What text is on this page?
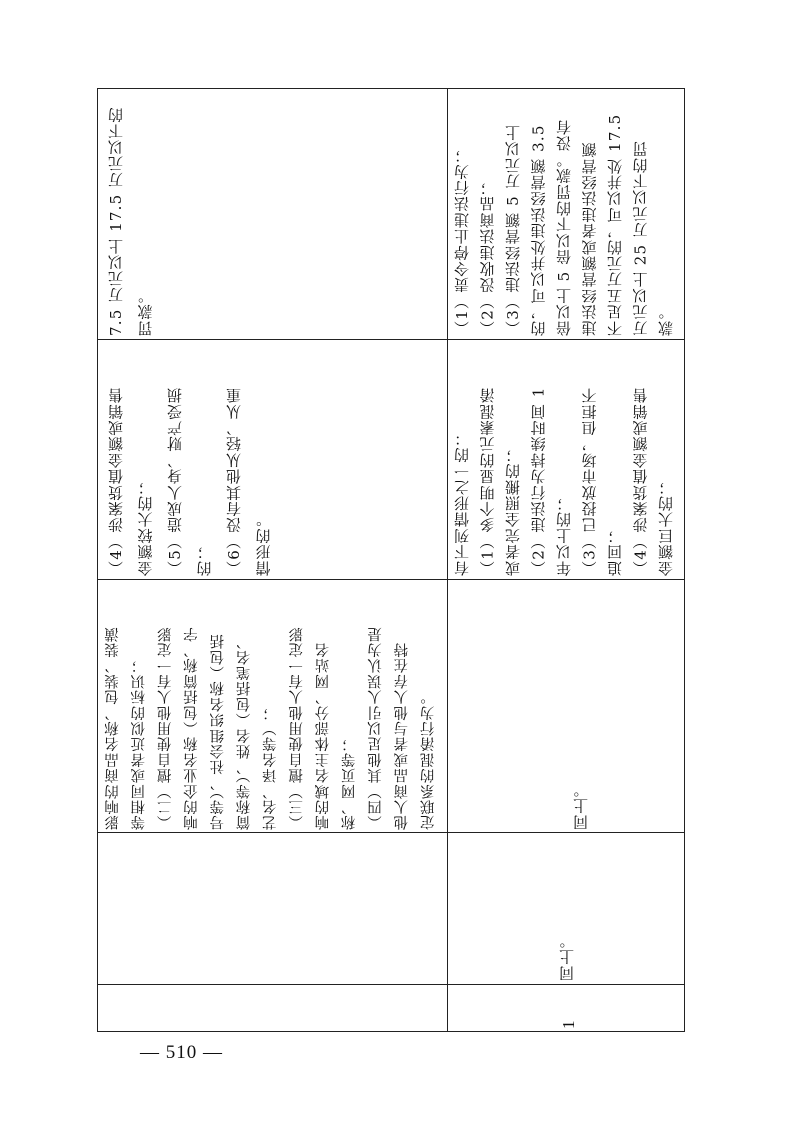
7.5 万元以上 17.5 万元以下的 罚款。

（4）涉案货值金额或销售 金额较大的； （5）造成人身、财产受损 的； （6）没有其他从轻、从重 情形的。

影响的商品名称、包装、装潢 等相同或者近似的标识； （二）擅自使用他人有一定影 响的企业名称（包括简称、字 号等）、社会组织名称（包括 简称等）、姓名（包括笔名、 艺名、译名等）； （三）擅自使用他人有一定影 响的域名主体部分、网站名 称、网页等； （四）其他足以引人误认为是 他人商品或者与他人存在特 定联系的混淆行为。

（1）责令停止违法行为； （2）没收违法商品； （3）违法经营额 5 万元以上 的，可以并处违法经营额 3.5 倍以上 5 倍以下的罚款。没有 违法经营额或者违法经营额 不足五万元的，可以并处 17.5 万元以上 25 万元以下的罚 款。

有下列情形之一的： （1）多个明显的元素混淆 或者完全照搬的； （2）违法行为持续时间 1 年以上的； （3）已投放市场，但拒不 追回； （4）涉案货值金额或销售 金额巨大的；

同上。

同上。

1

— 510 —
